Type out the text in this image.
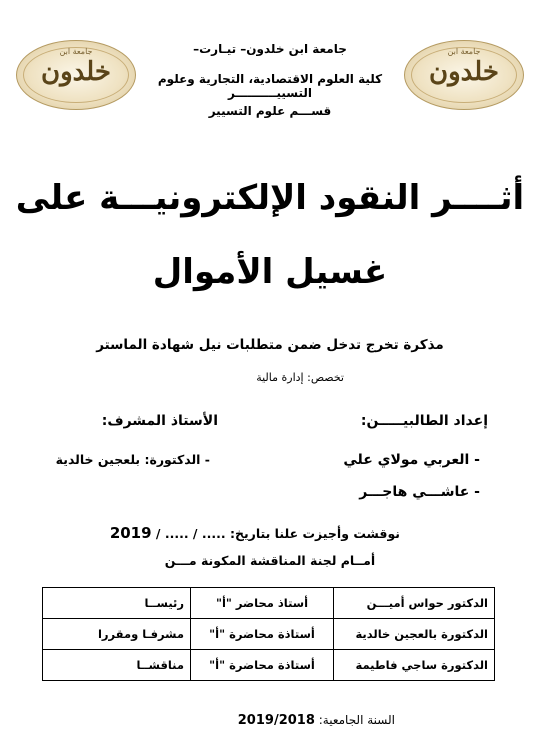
جامعة ابن
خلدون
جامعة ابن
خلدون
جامعة ابن خلدون– تيـارت–
كلية العلوم الاقتصادية، التجارية وعلوم التسييــــــــــر
قســـم علوم التسيير
أثــــر النقود الإلكترونيـــة على
غسيل الأموال
مذكرة تخرج تدخل ضمن متطلبات نيل شهادة الماستر
تخصص: إدارة مالية
إعداد الطالبيـــــن:
الأستاذ المشرف:
- العربي مولاي علي
- عاشـــي هاجـــر
- الدكتورة: بلعجين خالدية
نوقشت وأجيزت علنا بتاريخ: ..... / ..... / 2019
أمــام لجنة المناقشة المكونة مـــن
الدكتور حواس أميـــن	أستاذ محاضر "أ"	رئيســا
الدكتورة بالعجين خالدية	أستاذة محاضرة "أ"	مشرفـا ومقررا
الدكتورة ساجي فاطيمة	أستاذة محاضرة "أ"	مناقشــا
السنة الجامعية: 2019/2018
